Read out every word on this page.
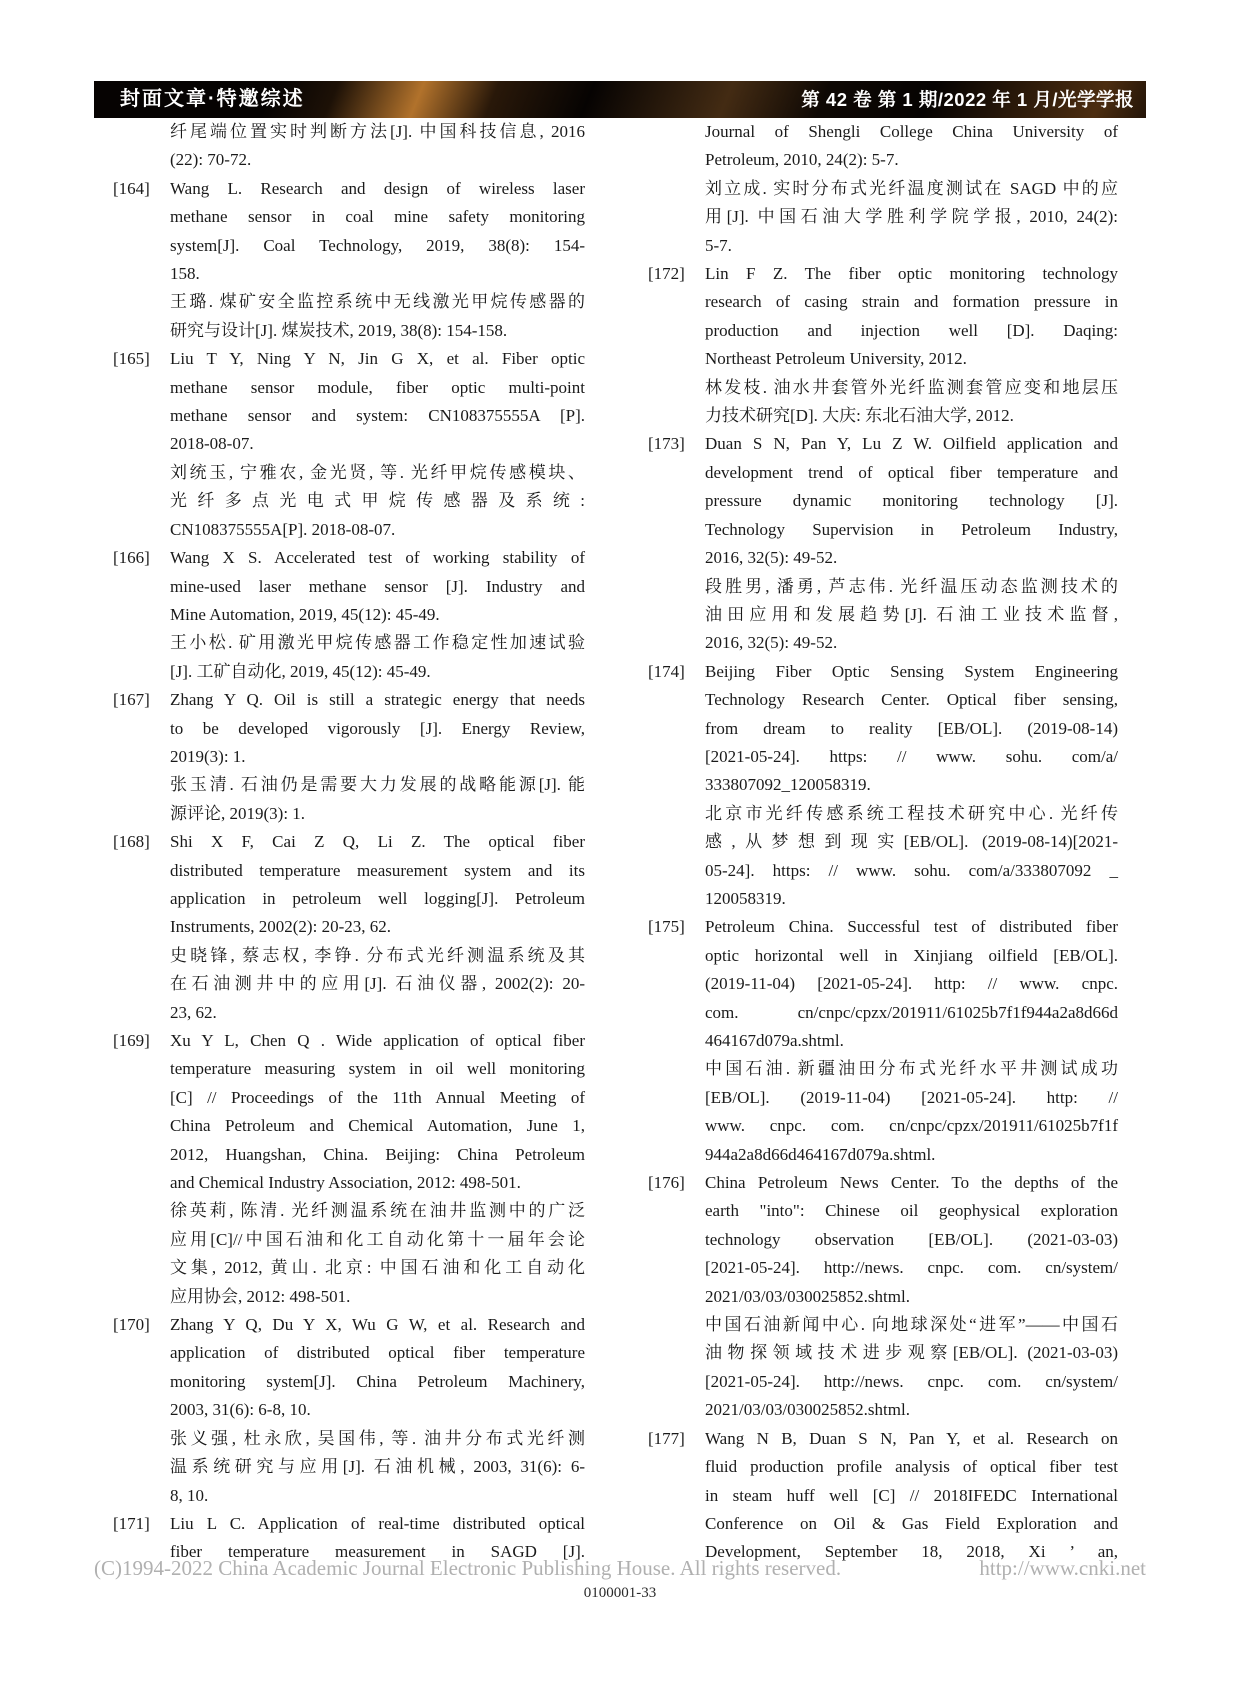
封面文章·特邀综述	第 42 卷 第 1 期/2022 年 1 月/光学学报
纤尾端位置实时判断方法[J]. 中国科技信息, 2016
(22): 70-72.
[164] Wang L. Research and design of wireless laser
methane sensor in coal mine safety monitoring
system[J]. Coal Technology, 2019, 38(8): 154-
158.
王璐. 煤矿安全监控系统中无线激光甲烷传感器的
研究与设计[J]. 煤炭技术, 2019, 38(8): 154-158.
[165] Liu T Y, Ning Y N, Jin G X, et al. Fiber optic
methane sensor module, fiber optic multi-point
methane sensor and system: CN108375555A [P].
2018-08-07.
刘统玉, 宁雅农, 金光贤, 等. 光纤甲烷传感模块、
光纤多点光电式甲烷传感器及系统:
CN108375555A[P]. 2018-08-07.
[166] Wang X S. Accelerated test of working stability of
mine-used laser methane sensor [J]. Industry and
Mine Automation, 2019, 45(12): 45-49.
王小松. 矿用激光甲烷传感器工作稳定性加速试验
[J]. 工矿自动化, 2019, 45(12): 45-49.
[167] Zhang Y Q. Oil is still a strategic energy that needs
to be developed vigorously [J]. Energy Review,
2019(3): 1.
张玉清. 石油仍是需要大力发展的战略能源[J]. 能
源评论, 2019(3): 1.
[168] Shi X F, Cai Z Q, Li Z. The optical fiber
distributed temperature measurement system and its
application in petroleum well logging[J]. Petroleum
Instruments, 2002(2): 20-23, 62.
史晓锋, 蔡志权, 李铮. 分布式光纤测温系统及其
在石油测井中的应用[J]. 石油仪器, 2002(2): 20-
23, 62.
[169] Xu Y L, Chen Q . Wide application of optical fiber
temperature measuring system in oil well monitoring
[C] // Proceedings of the 11th Annual Meeting of
China Petroleum and Chemical Automation, June 1,
2012, Huangshan, China. Beijing: China Petroleum
and Chemical Industry Association, 2012: 498-501.
徐英莉, 陈清. 光纤测温系统在油井监测中的广泛
应用[C]//中国石油和化工自动化第十一届年会论
文集, 2012, 黄山. 北京: 中国石油和化工自动化
应用协会, 2012: 498-501.
[170] Zhang Y Q, Du Y X, Wu G W, et al. Research and
application of distributed optical fiber temperature
monitoring system[J]. China Petroleum Machinery,
2003, 31(6): 6-8, 10.
张义强, 杜永欣, 吴国伟, 等. 油井分布式光纤测
温系统研究与应用[J]. 石油机械, 2003, 31(6): 6-
8, 10.
[171] Liu L C. Application of real-time distributed optical
fiber temperature measurement in SAGD [J].
Journal of Shengli College China University of
Petroleum, 2010, 24(2): 5-7.
刘立成. 实时分布式光纤温度测试在 SAGD 中的应
用[J]. 中国石油大学胜利学院学报, 2010, 24(2):
5-7.
[172] Lin F Z. The fiber optic monitoring technology
research of casing strain and formation pressure in
production and injection well [D]. Daqing:
Northeast Petroleum University, 2012.
林发枝. 油水井套管外光纤监测套管应变和地层压
力技术研究[D]. 大庆: 东北石油大学, 2012.
[173] Duan S N, Pan Y, Lu Z W. Oilfield application and
development trend of optical fiber temperature and
pressure dynamic monitoring technology [J].
Technology Supervision in Petroleum Industry,
2016, 32(5): 49-52.
段胜男, 潘勇, 芦志伟. 光纤温压动态监测技术的
油田应用和发展趋势[J]. 石油工业技术监督,
2016, 32(5): 49-52.
[174] Beijing Fiber Optic Sensing System Engineering
Technology Research Center. Optical fiber sensing,
from dream to reality [EB/OL]. (2019-08-14)
[2021-05-24]. https: // www. sohu. com/a/
333807092_120058319.
北京市光纤传感系统工程技术研究中心. 光纤传
感,从梦想到现实[EB/OL]. (2019-08-14)[2021-
05-24]. https: // www. sohu. com/a/333807092 _
120058319.
[175] Petroleum China. Successful test of distributed fiber
optic horizontal well in Xinjiang oilfield [EB/OL].
(2019-11-04) [2021-05-24]. http: // www. cnpc.
com. cn/cnpc/cpzx/201911/61025b7f1f944a2a8d66d
464167d079a.shtml.
中国石油. 新疆油田分布式光纤水平井测试成功
[EB/OL]. (2019-11-04) [2021-05-24]. http: //
www. cnpc. com. cn/cnpc/cpzx/201911/61025b7f1f
944a2a8d66d464167d079a.shtml.
[176] China Petroleum News Center. To the depths of the
earth "into": Chinese oil geophysical exploration
technology observation [EB/OL]. (2021-03-03)
[2021-05-24]. http://news. cnpc. com. cn/system/
2021/03/03/030025852.shtml.
中国石油新闻中心. 向地球深处“进军”——中国石
油物探领域技术进步观察[EB/OL]. (2021-03-03)
[2021-05-24]. http://news. cnpc. com. cn/system/
2021/03/03/030025852.shtml.
[177] Wang N B, Duan S N, Pan Y, et al. Research on
fluid production profile analysis of optical fiber test
in steam huff well [C] // 2018IFEDC International
Conference on Oil & Gas Field Exploration and
Development, September 18, 2018, Xi ’ an,
(C)1994-2022 China Academic Journal Electronic Publishing House. All rights reserved.	http://www.cnki.net
0100001-33
